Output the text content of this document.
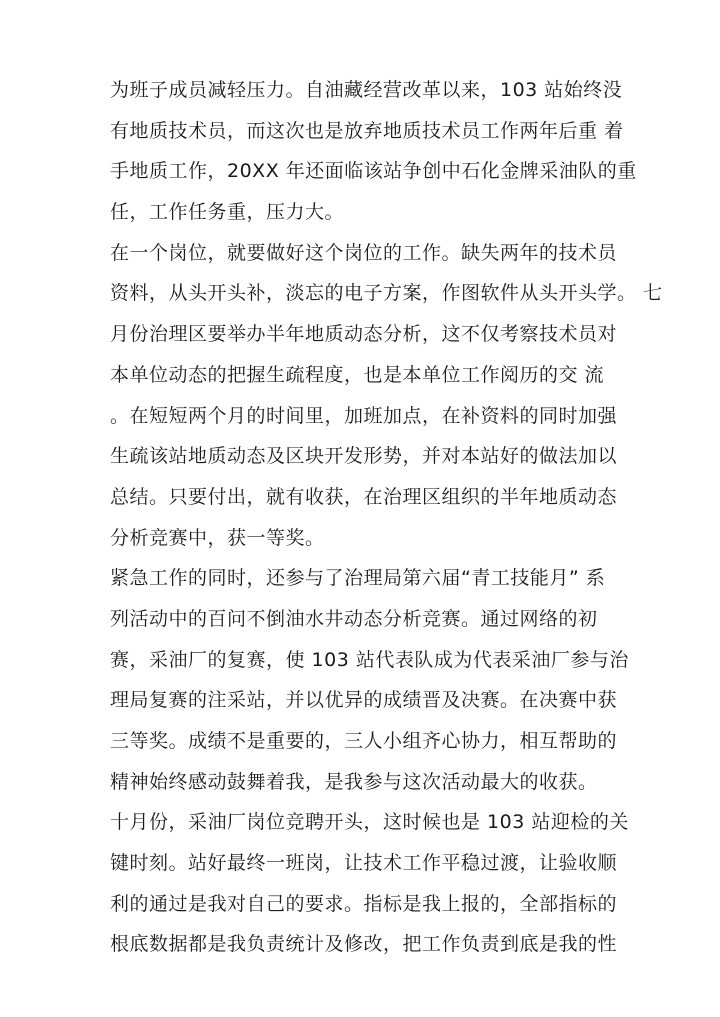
为班子成员减轻压力。自油藏经营改革以来，103 站始终没
有地质技术员，而这次也是放弃地质技术员工作两年后重 着
手地质工作，20XX 年还面临该站争创中石化金牌采油队的重
任，工作任务重，压力大。
在一个岗位，就要做好这个岗位的工作。缺失两年的技术员
资料，从头开头补，淡忘的电子方案，作图软件从头开头学。 七
月份治理区要举办半年地质动态分析，这不仅考察技术员对
本单位动态的把握生疏程度，也是本单位工作阅历的交 流
。在短短两个月的时间里，加班加点，在补资料的同时加强
生疏该站地质动态及区块开发形势，并对本站好的做法加以
总结。只要付出，就有收获，在治理区组织的半年地质动态
分析竞赛中，获一等奖。
紧急工作的同时，还参与了治理局第六届“青工技能月” 系
列活动中的百问不倒油水井动态分析竞赛。通过网络的初
赛，采油厂的复赛，使 103 站代表队成为代表采油厂参与治
理局复赛的注采站，并以优异的成绩晋及决赛。在决赛中获
三等奖。成绩不是重要的，三人小组齐心协力，相互帮助的
精神始终感动鼓舞着我，是我参与这次活动最大的收获。
十月份，采油厂岗位竞聘开头，这时候也是 103 站迎检的关
键时刻。站好最终一班岗，让技术工作平稳过渡，让验收顺
利的通过是我对自己的要求。指标是我上报的，全部指标的
根底数据都是我负责统计及修改，把工作负责到底是我的性
